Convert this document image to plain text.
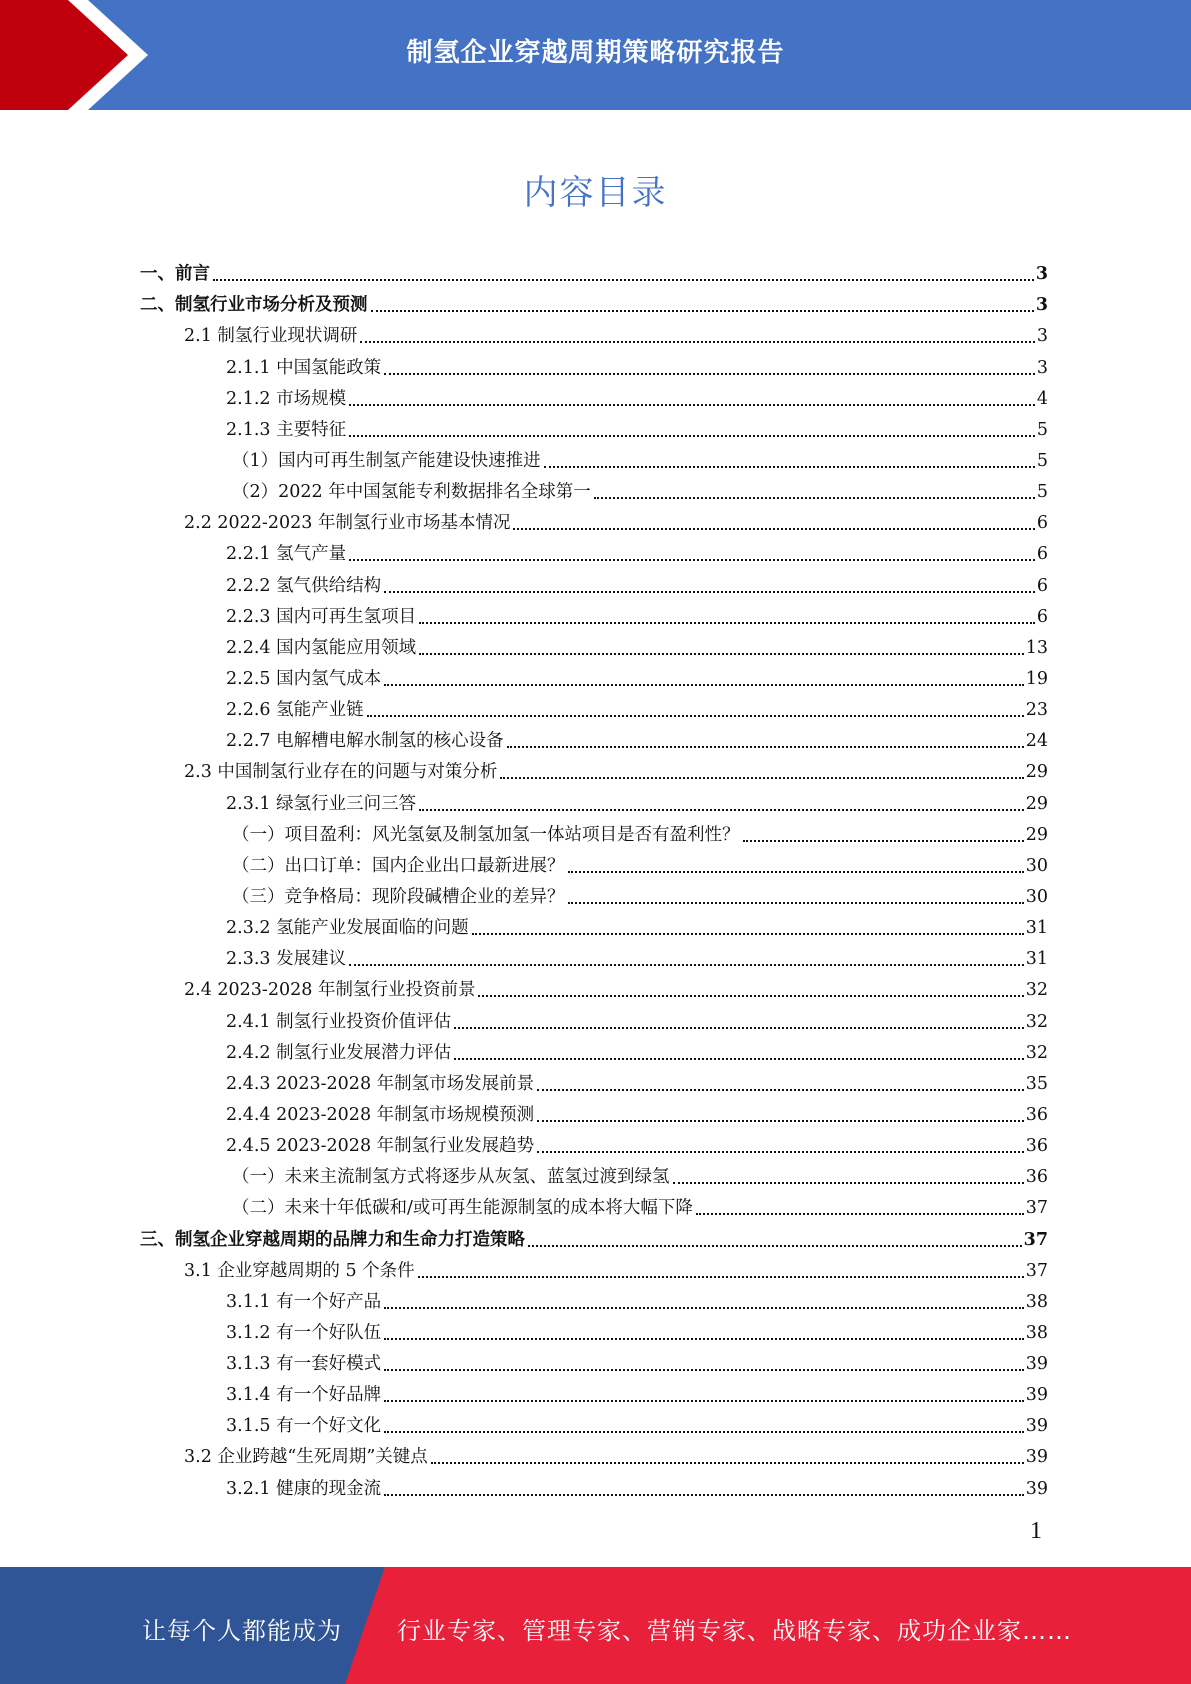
制氢企业穿越周期策略研究报告
内容目录
一、前言	3
二、制氢行业市场分析及预测	3
2.1 制氢行业现状调研	3
2.1.1 中国氢能政策	3
2.1.2 市场规模	4
2.1.3 主要特征	5
（1）国内可再生制氢产能建设快速推进	5
（2）2022 年中国氢能专利数据排名全球第一	5
2.2 2022-2023 年制氢行业市场基本情况	6
2.2.1 氢气产量	6
2.2.2 氢气供给结构	6
2.2.3 国内可再生氢项目	6
2.2.4 国内氢能应用领域	13
2.2.5 国内氢气成本	19
2.2.6 氢能产业链	23
2.2.7 电解槽电解水制氢的核心设备	24
2.3 中国制氢行业存在的问题与对策分析	29
2.3.1 绿氢行业三问三答	29
（一）项目盈利：风光氢氨及制氢加氢一体站项目是否有盈利性？	29
（二）出口订单：国内企业出口最新进展？	30
（三）竞争格局：现阶段碱槽企业的差异？	30
2.3.2 氢能产业发展面临的问题	31
2.3.3 发展建议	31
2.4 2023-2028 年制氢行业投资前景	32
2.4.1 制氢行业投资价值评估	32
2.4.2 制氢行业发展潜力评估	32
2.4.3 2023-2028 年制氢市场发展前景	35
2.4.4 2023-2028 年制氢市场规模预测	36
2.4.5 2023-2028 年制氢行业发展趋势	36
（一）未来主流制氢方式将逐步从灰氢、蓝氢过渡到绿氢	36
（二）未来十年低碳和/或可再生能源制氢的成本将大幅下降	37
三、制氢企业穿越周期的品牌力和生命力打造策略	37
3.1 企业穿越周期的 5 个条件	37
3.1.1 有一个好产品	38
3.1.2 有一个好队伍	38
3.1.3 有一套好模式	39
3.1.4 有一个好品牌	39
3.1.5 有一个好文化	39
3.2 企业跨越“生死周期”关键点	39
3.2.1 健康的现金流	39
1
让每个人都能成为 行业专家、管理专家、营销专家、战略专家、成功企业家……
